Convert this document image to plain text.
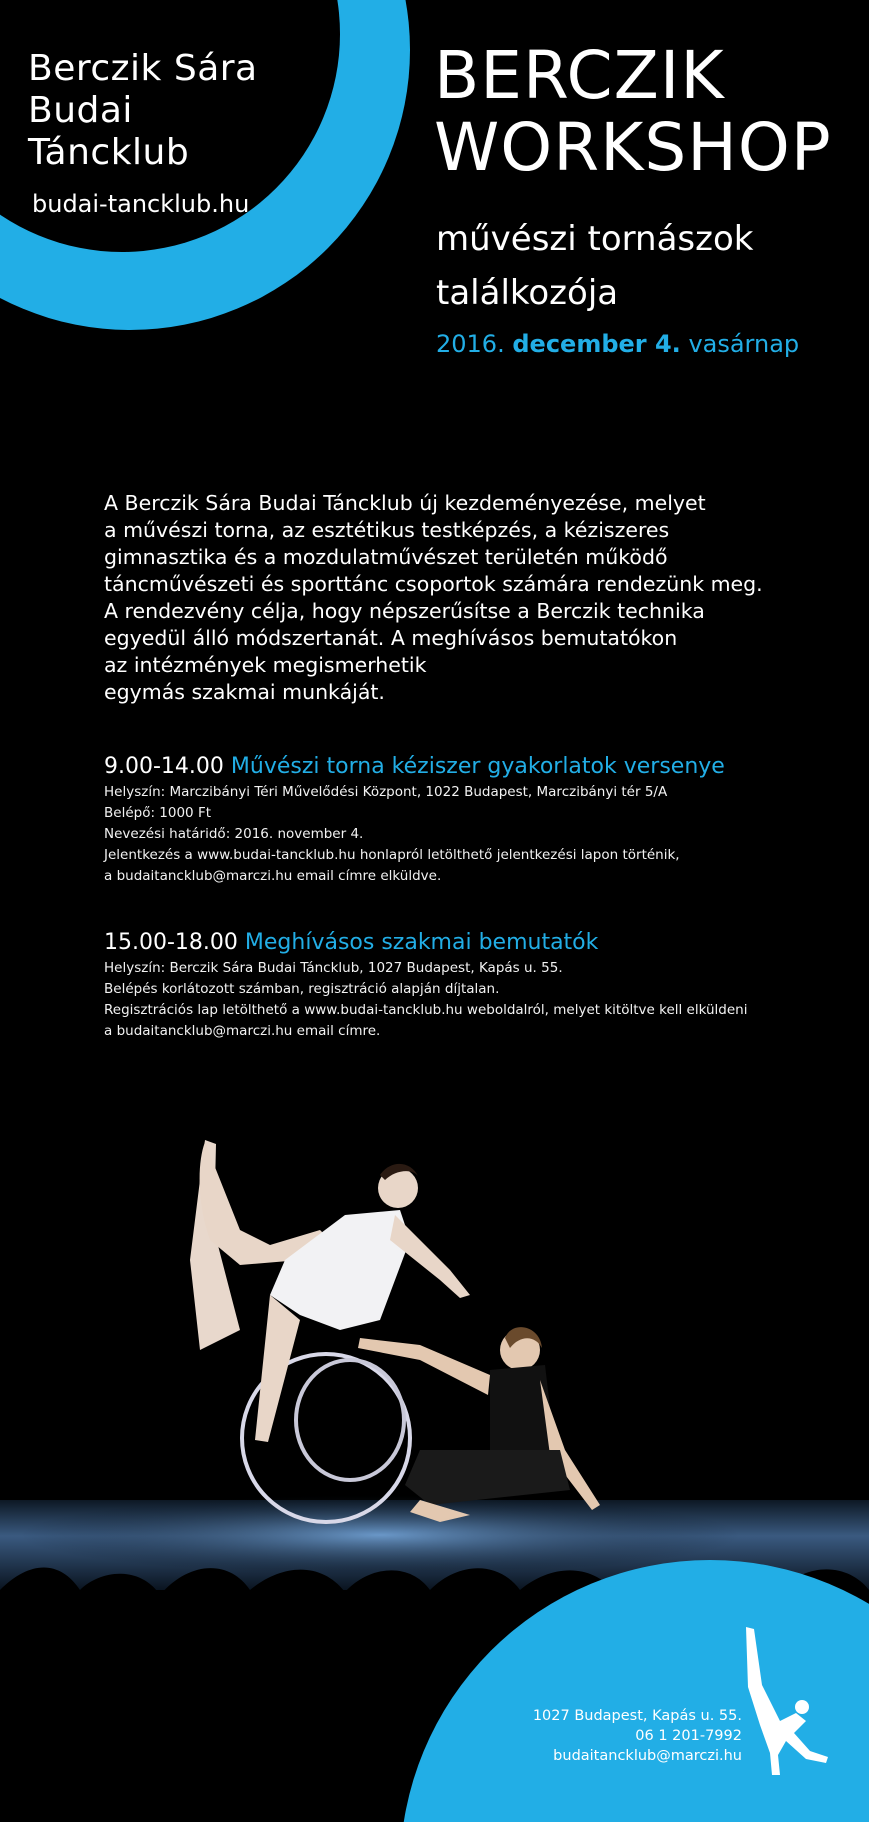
Berczik Sára
Budai
Táncklub
budai-tancklub.hu
BERCZIK
WORKSHOP
művészi tornászok
találkozója
2016. december 4. vasárnap
A Berczik Sára Budai Táncklub új kezdeményezése, melyet
a művészi torna, az esztétikus testképzés, a kéziszeres
gimnasztika és a mozdulatművészet területén működő
táncművészeti és sporttánc csoportok számára rendezünk meg.
A rendezvény célja, hogy népszerűsítse a Berczik technika
egyedül álló módszertanát. A meghívásos bemutatókon
az intézmények megismerhetik
egymás szakmai munkáját.
9.00-14.00 Művészi torna kéziszer gyakorlatok versenye
Helyszín: Marczibányi Téri Művelődési Központ, 1022 Budapest, Marczibányi tér 5/A
Belépő: 1000 Ft
Nevezési határidő: 2016. november 4.
Jelentkezés a www.budai-tancklub.hu honlapról letölthető jelentkezési lapon történik,
a budaitancklub@marczi.hu email címre elküldve.
15.00-18.00 Meghívásos szakmai bemutatók
Helyszín: Berczik Sára Budai Táncklub, 1027 Budapest, Kapás u. 55.
Belépés korlátozott számban, regisztráció alapján díjtalan.
Regisztrációs lap letölthető a www.budai-tancklub.hu weboldalról, melyet kitöltve kell elküldeni
a budaitancklub@marczi.hu email címre.
1027 Budapest, Kapás u. 55.
06 1 201-7992
budaitancklub@marczi.hu
